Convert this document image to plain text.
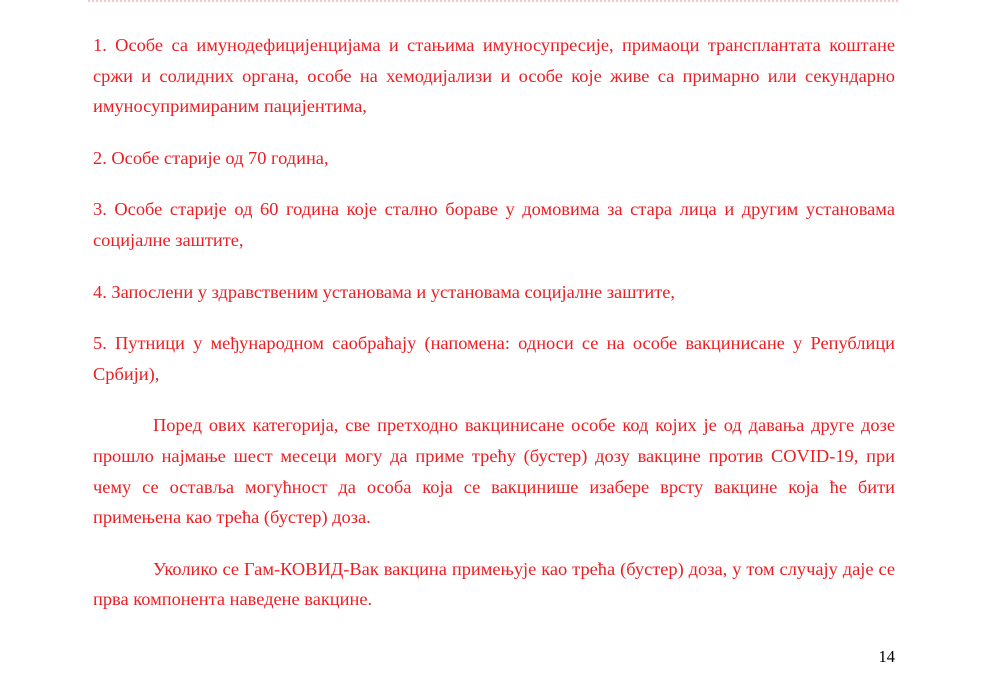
1. Особе са имунодефицијенцијама и стањима имуносупресије, примаоци трансплантата коштане сржи и солидних органа, особе на хемодијализи и особе које живе са примарно или секундарно имуносупримираним пацијентима,

2. Особе старије од 70 година,

3. Особе старије од 60 година које стално бораве у домовима за стара лица и другим установама социјалне заштите,

4. Запослени у здравственим установама и установама социјалне заштите,

5. Путници у међународном саобраћају (напомена: односи се на особе вакцинисане у Републици Србији),

Поред ових категорија, све претходно вакцинисане особе код којих је од давања друге дозе прошло најмање шест месеци могу да приме трећу (бустер) дозу вакцине против COVID-19, при чему се оставља могућност да особа која се вакцинише изабере врсту вакцине која ће бити примењена као трећа (бустер) доза.

Уколико се Гам-КОВИД-Вак вакцина примењује као трећа (бустер) доза, у том случају даје се прва компонента наведене вакцине.

14
